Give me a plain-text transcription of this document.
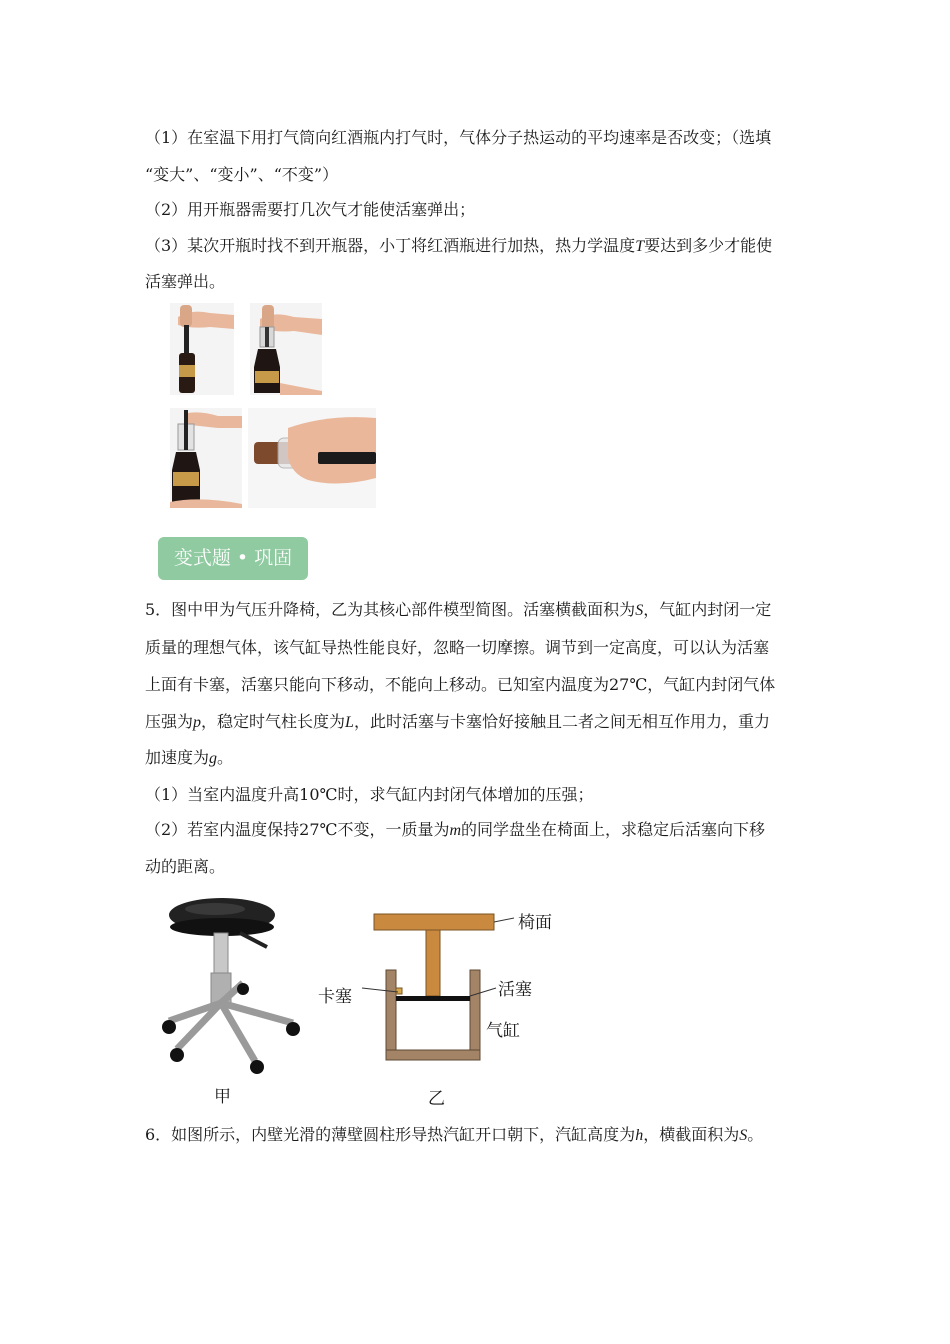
（1）在室温下用打气筒向红酒瓶内打气时，气体分子热运动的平均速率是否改变；（选填
“变大”、“变小”、“不变”）
（2）用开瓶器需要打几次气才能使活塞弹出；
（3）某次开瓶时找不到开瓶器，小丁将红酒瓶进行加热，热力学温度T要达到多少才能使
活塞弹出。
变式题 • 巩固
5．图中甲为气压升降椅，乙为其核心部件模型简图。活塞横截面积为S，气缸内封闭一定
质量的理想气体，该气缸导热性能良好，忽略一切摩擦。调节到一定高度，可以认为活塞
上面有卡塞，活塞只能向下移动，不能向上移动。已知室内温度为27℃，气缸内封闭气体
压强为p，稳定时气柱长度为L，此时活塞与卡塞恰好接触且二者之间无相互作用力，重力
加速度为g。
（1）当室内温度升高10℃时，求气缸内封闭气体增加的压强；
（2）若室内温度保持27℃不变，一质量为m的同学盘坐在椅面上，求稳定后活塞向下移
动的距离。
甲
椅面
卡塞	活塞
气缸
乙
6．如图所示，内壁光滑的薄壁圆柱形导热汽缸开口朝下，汽缸高度为h，横截面积为S。
